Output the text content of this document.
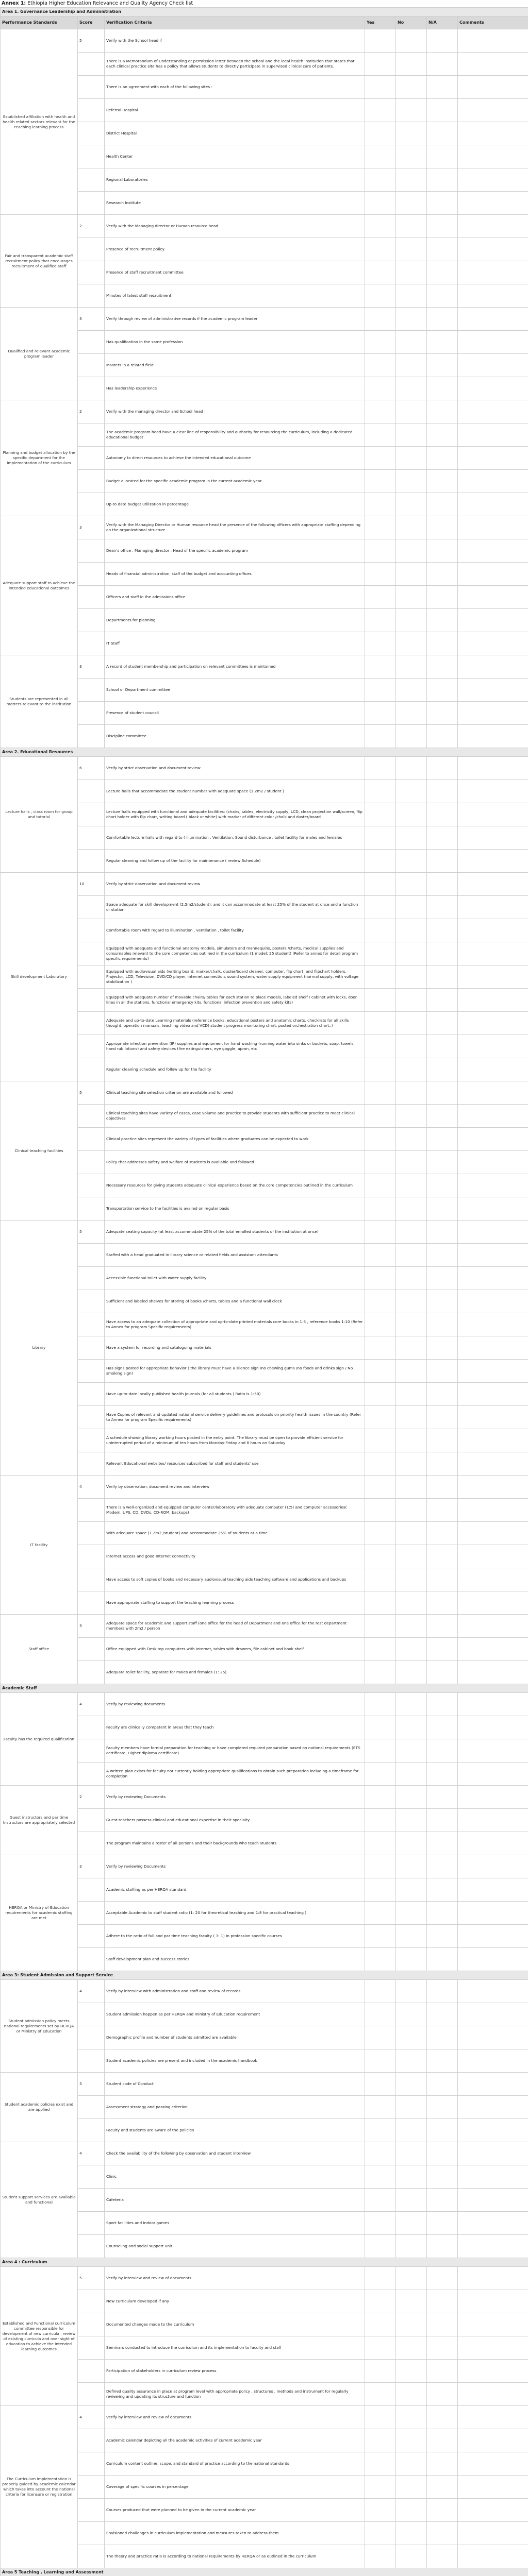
Annex 1: Ethiopia Higher Education Relevance and Quality Agency Check list
Area 1. Governance Leadership and Administration						
Performance Standards	Score	Verification Criteria	Yes	No	N/A	Comments
Established affiliation with health and health related sectors relevant for the teaching learning process	5	Verify with the School head if				
		There is a Memorandum of Understanding or permission letter between the school and the local health institution that states that each clinical practice site has a policy that allows students to directly participate in supervised clinical care of patients.				
		There is an agreement with each of the following sites :				
		Referral Hospital				
		District Hospital				
		Health Center				
		Regional Laboratories				
		Research Institute				
Fair and transparent academic staff recruitment policy that encourages recruitment of qualified staff	2	Verify with the Managing director or Human resource head				
		Presence of recruitment policy				
		Presence of staff recruitment committee				
		Minutes of latest staff recruitment				
Qualified and relevant academic program leader	3	Verify through review of administrative records if the academic program leader				
		Has qualification in the same profession				
		Masters in a related field				
		Has leadership experience				
Planning and budget allocation by the specific department for the implementation of the curriculum	2	Verify with the managing director and School head :				
		The academic program head have a clear line of responsibility and authority for resourcing the curriculum, including a dedicated educational budget				
		Autonomy to direct resources to achieve the intended educational outcome				
		Budget allocated for the specific academic program in the current academic year				
		Up-to date budget utilization in percentage				
Adequate support staff to achieve the intended educational outcomes	3	Verify with the Managing Director or Human resource head the presence of the following officers with appropriate staffing depending on the organizational structure				
		Dean's office , Managing director , Head of the specific academic program				
		Heads of financial administration, staff of the budget and accounting offices				
		Officers and staff in the admissions office				
		Departments for planning				
		IT Staff				
Students are represented in all matters relevant to the institution	3	A record of student membership and participation on relevant committees is maintained				
		School or Department committee				
		Presence of student council				
		Discipline committee				
Area 2. Educational Resources						
Lecture halls , class room for group and tutorial	6	Verify by strict observation and document review:				
		Lecture halls that accommodate the student number with adequate space (1.2m2 / student )				
		Lecture halls equipped with functional and adequate facilities: (chairs, tables, electricity supply, LCD, clean projection wall/screen, flip chart holder with flip chart, writing board ( black or white) with marker of different color /chalk and duster/board				
		Comfortable lecture halls with regard to ( illumination , Ventilation, Sound disturbance , toilet facility for males and females				
		Regular cleaning and follow up of the facility for maintenance ( review Schedule)				
Skill development Laboratory	10	Verify by strict observation and document review				
		Space adequate for skill development (2.5m2/student), and it can accommodate at least 25% of the student at once and a function or station				
		Comfortable room with regard to illumination , ventilation , toilet facility				
		Equipped with adequate and functional anatomy models, simulators and mannequins, posters /charts, medical supplies and consumables relevant to the core competencies outlined in the curriculum (1 model: 25 student) (Refer to annex for detail program specific requirements)				
		Equipped with audiovisual aids (writing board, marker/chalk, duster/board cleaner, computer, flip chart, and flipchart holders, Projector, LCD, Television, DVD/CD player, internet connection, sound system, water supply equipment (normal supply, with voltage stabilization )				
		Equipped with adequate number of movable chairs/ tables for each station to place models, labeled shelf / cabinet with locks, door lines in all the stations, functional emergency kits, functional infection prevention and safety kits)				
		Adequate and up-to-date Learning materials (reference books, educational posters and anatomic charts, checklists for all skills thought, operation manuals, teaching video and VCD) student progress monitoring chart, posted orchestration chart..)				
		Appropriate infection prevention (IP) supplies and equipment for hand washing (running water into sinks or buckets, soap, towels, hand rub lotions) and safety devices (fire extinguishers, eye goggle, apron, etc				
		Regular cleaning schedule and follow up for the facility				
Clinical teaching facilities	5	Clinical teaching site selection criterion are available and followed				
		Clinical teaching sites have variety of cases, case volume and practice to provide students with sufficient practice to meet clinical objectives				
		Clinical practice sites represent the variety of types of facilities where graduates can be expected to work				
		Policy that addresses safety and welfare of students is available and followed				
		Necessary resources for giving students adequate clinical experience based on the core competencies outlined in the curriculum				
		Transportation service to the facilities is availed on regular basis				
Library	5	Adequate seating capacity (at least accommodate 25% of the total enrolled students of the institution at once)				
		Staffed with a head graduated in library science or related fields and assistant attendants				
		Accessible functional toilet with water supply facility				
		Sufficient and labeled shelves for storing of books /charts, tables and a functional wall clock				
		Have access to an adequate collection of appropriate and up-to-date printed materials core books in 1:5 , reference books 1:10 (Refer to Annex for program Specific requirements)				
		Have a system for recording and cataloguing materials				
		Has signs posted for appropriate behavior ( the library must have a silence sign /no chewing gums /no foods and drinks sign / No smoking sign)				
		Have up-to-date locally published health journals (for all students ) Ratio is 1:50)				
		Have Copies of relevant and updated national service delivery guidelines and protocols on priority health issues in the country (Refer to Annex for program Specific requirements)				
		A schedule showing library working hours posted in the entry point. The library must be open to provide efficient service for uninterrupted period of a minimum of ten hours from Monday-Friday and 8 hours on Saturday				
		Relevant Educational websites/ resources subscribed for staff and students' use				
IT facility	4	Verify by observation, document review and interview				
		There is a well-organized and equipped computer center/laboratory with adequate computer (1:5) and computer accessories( Modem, UPS, CD, DVDs, CD-ROM, backups)				
		With adequate space (1.2m2 /student) and accommodate 25% of students at a time				
		Internet access and good Internet connectivity				
		Have access to soft copies of books and necessary audiovisual teaching aids teaching software and applications and backups				
		Have appropriate staffing to support the teaching learning process				
Staff office	3	Adequate space for academic and support staff (one office for the head of Department and one office for the rest department members with 2m2 / person				
		Office equipped with Desk top computers with Internet, tables with drawers, file cabinet and book shelf				
		Adequate toilet facility, separate for males and females (1: 25)				
Academic Staff						
Faculty has the required qualification	4	Verify by reviewing documents				
		Faculty are clinically competent in areas that they teach				
		Faculty members have formal preparation for teaching or have completed required preparation based on national requirements (ETS certificate, Higher diploma certificate)				
		A written plan exists for faculty not currently holding appropriate qualifications to obtain such preparation including a timeframe for completion				
Guest instructors and par time Instructors are appropriately selected	2	Verify by reviewing Documents				
		Guest teachers possess clinical and educational expertise in their specialty				
		The program maintains a roster of all persons and their backgrounds who teach students				
HERQA or Ministry of Education requirements for academic staffing are met	3	Verify by reviewing Documents				
		Academic staffing as per HERQA standard				
		Acceptable Academic to staff student ratio (1: 20 for theoretical teaching and 1:8 for practical teaching )				
		Adhere to the ratio of full and par time teaching faculty ( 3: 1) In profession specific courses				
		Staff development plan and success stories				
Area 3: Student Admission and Support Service						
Student admission policy meets national requirements set by HERQA or Ministry of Education	4	Verify by interview with administration and staff and review of records.				
		Student admission happen as per HERQA and ministry of Education requirement				
		Demographic profile and number of students admitted are available				
		Student academic policies are present and included in the academic handbook				
Student academic policies exist and are applied	3	Student code of Conduct				
		Assessment strategy and passing criterion				
		Faculty and students are aware of the policies				
Student support services are available and functional	4	Check the availability of the following by observation and student interview				
		Clinic				
		Cafeteria				
		Sport facilities and indoor games				
		Counseling and social support unit				
Area 4 : Curriculum						
Established and Functional curriculum committee responsible for development of new curricula , review of existing curricula and over sight of education to achieve the intended learning outcomes	5	Verify by interview and review of documents				
		New curriculum developed if any				
		Documented changes made to the curriculum				
		Seminars conducted to introduce the curriculum and its implementation to faculty and staff				
		Participation of stakeholders in curriculum review process				
		Defined quality assurance in place at program level with appropriate policy , structures , methods and instrument for regularly reviewing and updating its structure and function				
The Curriculum implementation is properly guided by academic calendar which takes into account the national criteria for licensure or registration	4	Verify by interview and review of documents				
		Academic calendar depicting all the academic activities of current academic year				
		Curriculum content outline, scope, and standard of practice according to the national standards				
		Coverage of specific courses in percentage				
		Courses produced that were planned to be given in the current academic year				
		Envisioned challenges in curriculum implementation and measures taken to address them				
		The theory and practice ratio is according to national requirements by HERQA or as outlined in the curriculum				
Area 5 Teaching , Learning and Assessment						
